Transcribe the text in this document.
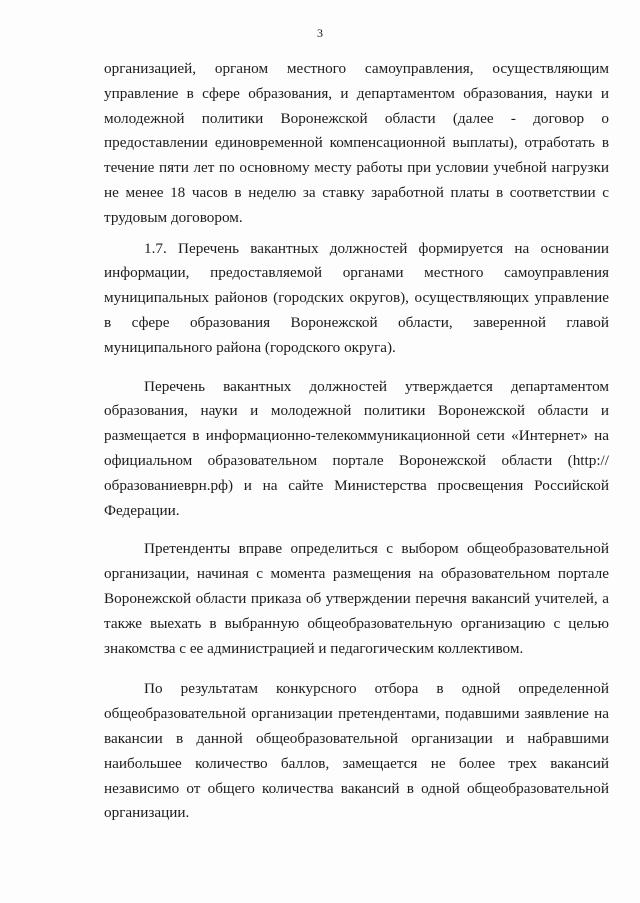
3

организацией, органом местного самоуправления, осуществляющим управление в сфере образования, и департаментом образования, науки и молодежной политики Воронежской области (далее - договор о предоставлении единовременной компенсационной выплаты), отработать в течение пяти лет по основному месту работы при условии учебной нагрузки не менее 18 часов в неделю за ставку заработной платы в соответствии с трудовым договором.

1.7. Перечень вакантных должностей формируется на основании информации, предоставляемой органами местного самоуправления муниципальных районов (городских округов), осуществляющих управление в сфере образования Воронежской области, заверенной главой муниципального района (городского округа).

Перечень вакантных должностей утверждается департаментом образования, науки и молодежной политики Воронежской области и размещается в информационно-телекоммуникационной сети «Интернет» на официальном образовательном портале Воронежской области (http://образованиеврн.рф) и на сайте Министерства просвещения Российской Федерации.

Претенденты вправе определиться с выбором общеобразовательной организации, начиная с момента размещения на образовательном портале Воронежской области приказа об утверждении перечня вакансий учителей, а также выехать в выбранную общеобразовательную организацию с целью знакомства с ее администрацией и педагогическим коллективом.

По результатам конкурсного отбора в одной определенной общеобразовательной организации претендентами, подавшими заявление на вакансии в данной общеобразовательной организации и набравшими наибольшее количество баллов, замещается не более трех вакансий независимо от общего количества вакансий в одной общеобразовательной организации.
